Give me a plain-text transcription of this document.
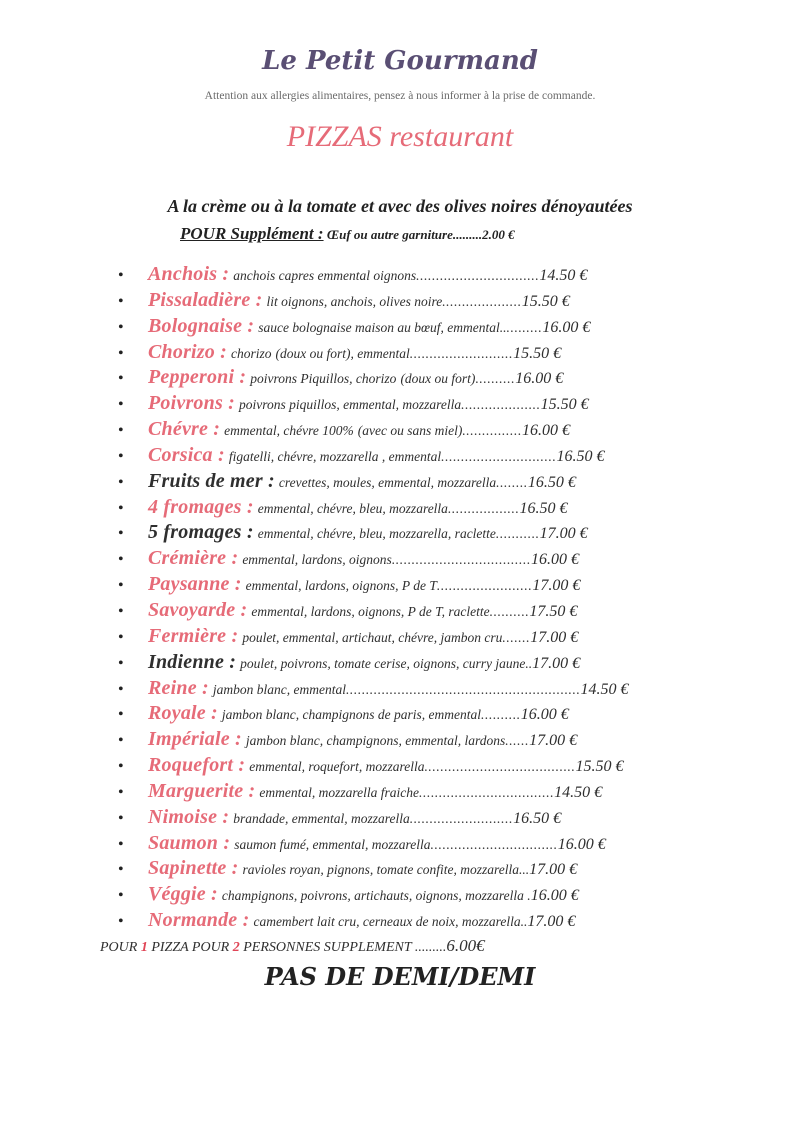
Le Petit Gourmand
Attention aux allergies alimentaires, pensez à nous informer à la prise de commande.
PIZZAS restaurant
A la crème ou à la tomate et avec des olives noires dénoyautées
POUR Supplément : Œuf ou autre garniture.........2.00 €
• Anchois : anchois capres emmental oignons...............................14.50 €
• Pissaladière : lit oignons, anchois, olives noire....................15.50 €
• Bolognaise : sauce bolognaise maison au bœuf, emmental...........16.00 €
• Chorizo : chorizo (doux ou fort), emmental..........................15.50 €
• Pepperoni : poivrons Piquillos, chorizo (doux ou fort)..........16.00 €
• Poivrons : poivrons piquillos, emmental, mozzarella....................15.50 €
• Chévre : emmental, chévre 100% (avec ou sans miel)...............16.00 €
• Corsica : figatelli, chévre, mozzarella , emmental.............................16.50 €
• Fruits de mer : crevettes, moules, emmental, mozzarella........16.50 €
• 4 fromages : emmental, chévre, bleu, mozzarella..................16.50 €
• 5 fromages : emmental, chévre, bleu, mozzarella, raclette...........17.00 €
• Crémière : emmental, lardons, oignons...................................16.00 €
• Paysanne : emmental, lardons, oignons, P de T........................17.00 €
• Savoyarde : emmental, lardons, oignons, P de T, raclette..........17.50 €
• Fermière : poulet, emmental, artichaut, chévre, jambon cru.......17.00 €
• Indienne : poulet, poivrons, tomate cerise, oignons, curry jaune..17.00 €
• Reine : jambon blanc, emmental...........................................................14.50 €
• Royale : jambon blanc, champignons de paris, emmental..........16.00 €
• Impériale : jambon blanc, champignons, emmental, lardons......17.00 €
• Roquefort : emmental, roquefort, mozzarella......................................15.50 €
• Marguerite : emmental, mozzarella fraiche..................................14.50 €
• Nimoise : brandade, emmental, mozzarella..........................16.50 €
• Saumon : saumon fumé, emmental, mozzarella................................16.00 €
• Sapinette : ravioles royan, pignons, tomate confite, mozzarella...17.00 €
• Véggie : champignons, poivrons, artichauts, oignons, mozzarella .16.00 €
• Normande : camembert lait cru, cerneaux de noix, mozzarella..17.00 €
POUR 1 PIZZA POUR 2 PERSONNES SUPPLEMENT .........6.00€
PAS DE DEMI/DEMI
